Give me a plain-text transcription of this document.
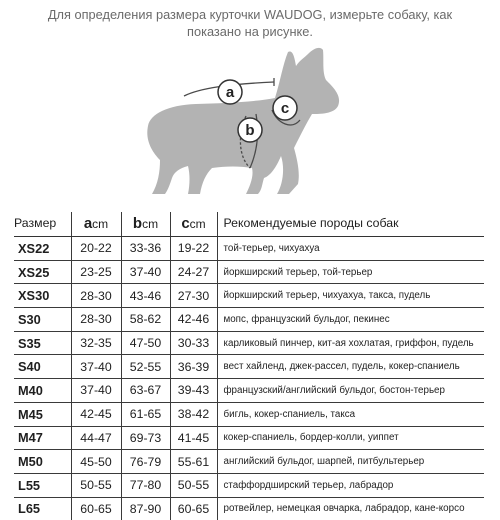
Для определения размера курточки WAUDOG, измерьте собаку, как
показано на рисунке.
a
b
c
Размер	acm	bcm	ccm	Рекомендуемые породы собак
XS22	20-22	33-36	19-22	той-терьер, чихуахуа
XS25	23-25	37-40	24-27	йоркширский терьер, той-терьер
XS30	28-30	43-46	27-30	йоркширский терьер, чихуахуа, такса, пудель
S30	28-30	58-62	42-46	мопс, французский бульдог, пекинес
S35	32-35	47-50	30-33	карликовый пинчер, кит-ая хохлатая, гриффон, пудель
S40	37-40	52-55	36-39	вест хайленд, джек-рассел, пудель, кокер-спаниель
M40	37-40	63-67	39-43	французский/английский бульдог, бостон-терьер
M45	42-45	61-65	38-42	бигль, кокер-спаниель, такса
M47	44-47	69-73	41-45	кокер-спаниель, бордер-колли, уиппет
M50	45-50	76-79	55-61	английский бульдог, шарпей, питбультерьер
L55	50-55	77-80	50-55	стаффордширский терьер, лабрадор
L65	60-65	87-90	60-65	ротвейлер, немецкая овчарка, лабрадор, кане-корсо
